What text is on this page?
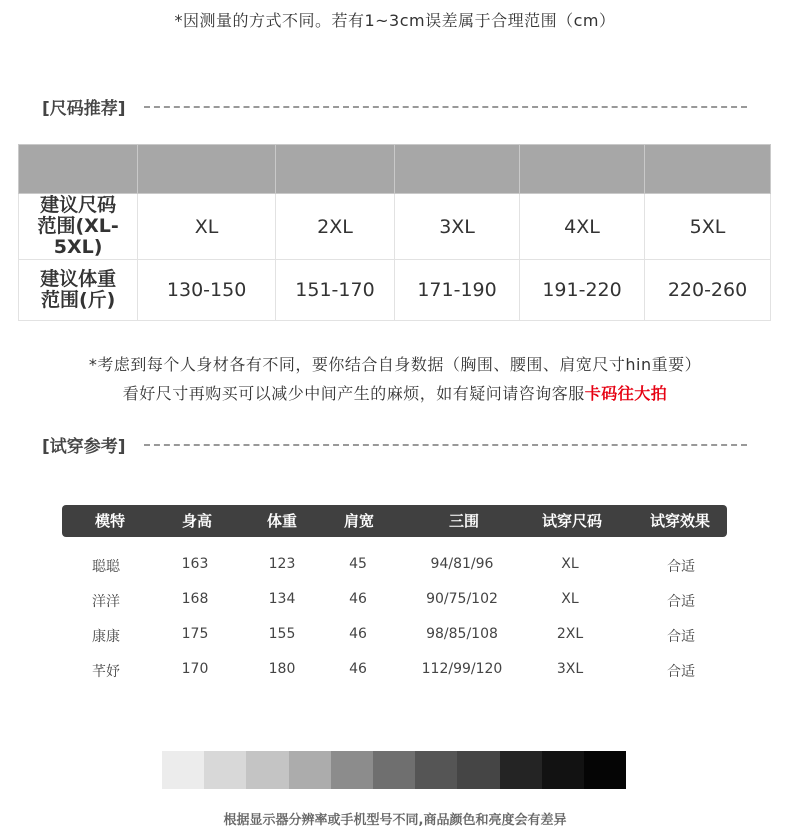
*因测量的方式不同。若有1~3cm误差属于合理范围（cm）
[尺码推荐]

建议尺码
范围(XL-5XL)	XL	2XL	3XL	4XL	5XL

建议体重
范围(斤)	130-150	151-170	171-190	191-220	220-260
*考虑到每个人身材各有不同，要你结合自身数据（胸围、腰围、肩宽尺寸hin重要）
看好尺寸再购买可以减少中间产生的麻烦，如有疑问请咨询客服卡码往大拍
[试穿参考]
模特	身高	体重	肩宽	三围	试穿尺码	试穿效果
聪聪	163	123	45	94/81/96	XL	合适
洋洋	168	134	46	90/75/102	XL	合适
康康	175	155	46	98/85/108	2XL	合适
芊妤	170	180	46	112/99/120	3XL	合适
根据显示器分辨率或手机型号不同,商品颜色和亮度会有差异
